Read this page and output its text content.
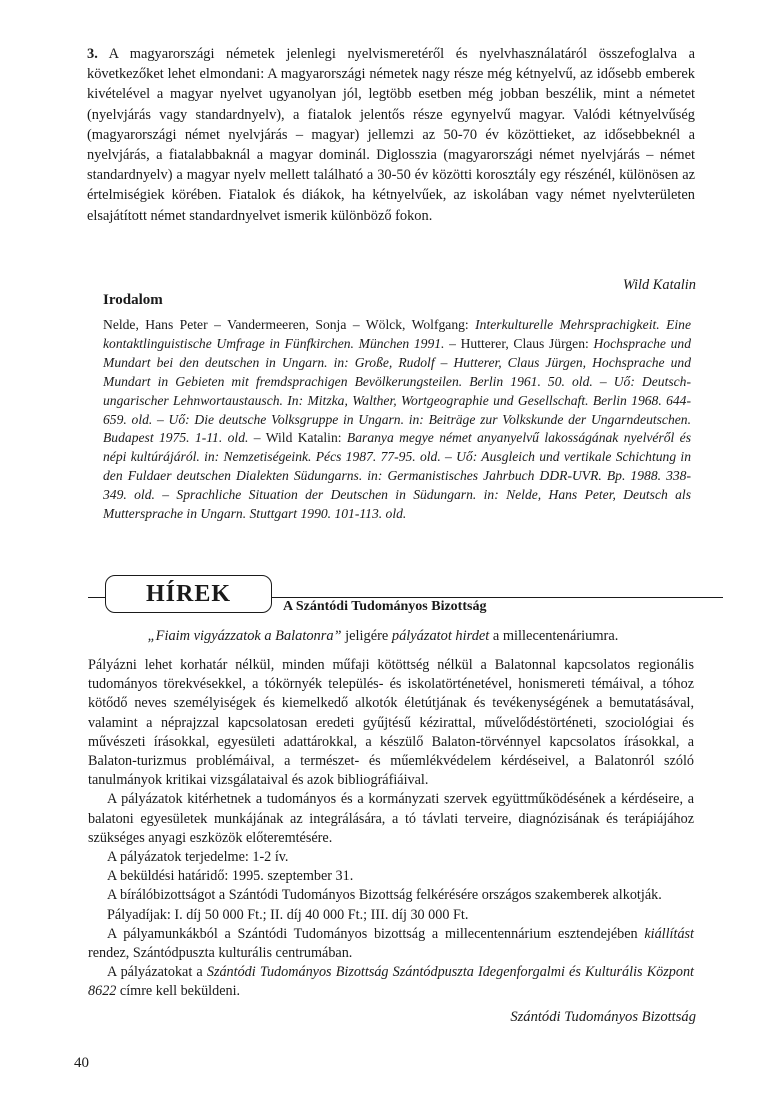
3. A magyarországi németek jelenlegi nyelvismeretéről és nyelvhasználatáról összefoglalva a következőket lehet elmondani: A magyarországi németek nagy része még kétnyelvű, az idősebb emberek kivételével a magyar nyelvet ugyanolyan jól, legtöbb esetben még jobban beszélik, mint a németet (nyelvjárás vagy standardnyelv), a fiatalok jelentős része egynyelvű magyar. Valódi kétnyelvűség (magyarországi német nyelvjárás – magyar) jellemzi az 50-70 év közöttieket, az idősebbeknél a nyelvjárás, a fiatalabbaknál a magyar dominál. Diglosszia (magyarországi német nyelvjárás – német standardnyelv) a magyar nyelv mellett található a 30-50 év közötti korosztály egy részénél, különösen az értelmiségiek körében. Fiatalok és diákok, ha kétnyelvűek, az iskolában vagy német nyelvterületen elsajátított német standardnyelvet ismerik különböző fokon.

Wild Katalin
Irodalom

Nelde, Hans Peter – Vandermeeren, Sonja – Wölck, Wolfgang: Interkulturelle Mehrsprachigkeit. Eine kontaktlinguistische Umfrage in Fünfkirchen. München 1991. – Hutterer, Claus Jürgen: Hochsprache und Mundart bei den deutschen in Ungarn. in: Große, Rudolf – Hutterer, Claus Jürgen, Hochsprache und Mundart in Gebieten mit fremdsprachigen Bevölkerungsteilen. Berlin 1961. 50. old. – Uő: Deutsch-ungarischer Lehnwortaustausch. In: Mitzka, Walther, Wortgeographie und Gesellschaft. Berlin 1968. 644-659. old. – Uő: Die deutsche Volksgruppe in Ungarn. in: Beiträge zur Volkskunde der Ungarndeutschen. Budapest 1975. 1-11. old. – Wild Katalin: Baranya megye német anyanyelvű lakosságának nyelvéről és népi kultúrájáról. in: Nemzetiségeink. Pécs 1987. 77-95. old. – Uő: Ausgleich und vertikale Schichtung in den Fuldaer deutschen Dialekten Südungarns. in: Germanistisches Jahrbuch DDR-UVR. Bp. 1988. 338-349. old. – Sprachliche Situation der Deutschen in Südungarn. in: Nelde, Hans Peter, Deutsch als Muttersprache in Ungarn. Stuttgart 1990. 101-113. old.

HÍREK	A Szántódi Tudományos Bizottság
„Fiaim vigyázzatok a Balatonra” jeligére pályázatot hirdet a millecentenáriumra.

Pályázni lehet korhatár nélkül, minden műfaji kötöttség nélkül a Balatonnal kapcsolatos regionális tudományos törekvésekkel, a tókörnyék település- és iskolatörténetével, honismereti témáival, a tóhoz kötődő neves személyiségek és kiemelkedő alkotók életútjának és tevékenységének a bemutatásával, valamint a néprajzzal kapcsolatosan eredeti gyűjtésű kézirattal, művelődéstörténeti, szociológiai és művészeti írásokkal, egyesületi adattárokkal, a készülő Balaton-törvénnyel kapcsolatos írásokkal, a Balaton-turizmus problémáival, a természet- és műemlékvédelem kérdéseivel, a Balatonról szóló tanulmányok kritikai vizsgálataival és azok bibliográfiáival.

A pályázatok kitérhetnek a tudományos és a kormányzati szervek együttműködésének a kérdéseire, a balatoni egyesületek munkájának az integrálására, a tó távlati terveire, diagnózisának és terápiájához szükséges anyagi eszközök előteremtésére.

A pályázatok terjedelme: 1-2 ív.

A beküldési határidő: 1995. szeptember 31.

A bírálóbizottságot a Szántódi Tudományos Bizottság felkérésére országos szakemberek alkotják.

Pályadíjak: I. díj 50 000 Ft.; II. díj 40 000 Ft.; III. díj 30 000 Ft.

A pályamunkákból a Szántódi Tudományos bizottság a millecentennárium esztendejében kiállítást rendez, Szántódpuszta kulturális centrumában.

A pályázatokat a Szántódi Tudományos Bizottság Szántódpuszta Idegenforgalmi és Kulturális Központ 8622 címre kell beküldeni.

Szántódi Tudományos Bizottság
40
